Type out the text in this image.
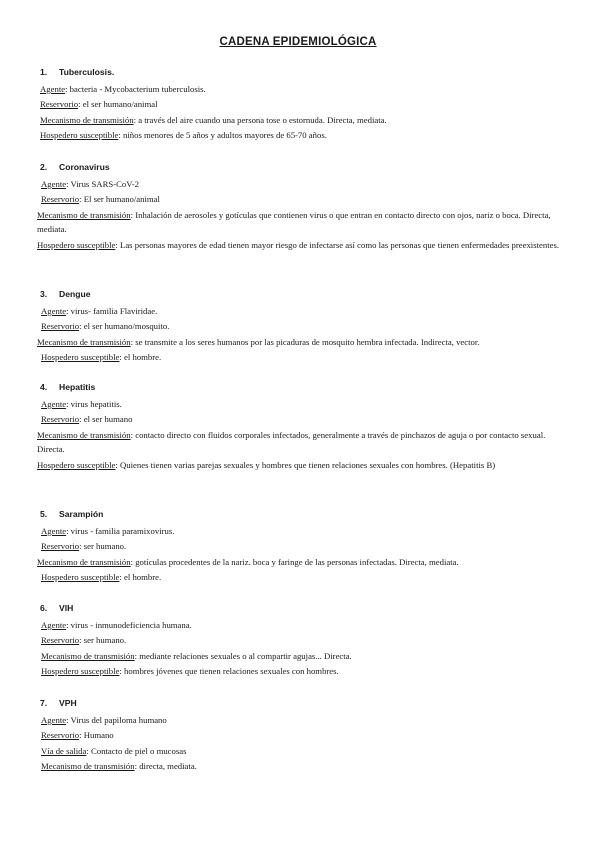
CADENA EPIDEMIOLÓGICA
1. Tuberculosis.
Agente: bacteria - Mycobacterium tuberculosis.
Reservorio: el ser humano/animal
Mecanismo de transmisión: a través del aire cuando una persona tose o estornuda. Directa, mediata.
Hospedero susceptible: niños menores de 5 años y adultos mayores de 65-70 años.
2. Coronavirus
Agente: Virus SARS-CoV-2
Reservorio: El ser humano/animal
Mecanismo de transmisión: Inhalación de aerosoles y gotículas que contienen virus o que entran en contacto directo con ojos, nariz o boca. Directa, mediata.
Hospedero susceptible: Las personas mayores de edad tienen mayor riesgo de infectarse así como las personas que tienen enfermedades preexistentes.
3. Dengue
Agente: virus- familia Flaviridae.
Reservorio: el ser humano/mosquito.
Mecanismo de transmisión: se transmite a los seres humanos por las picaduras de mosquito hembra infectada. Indirecta, vector.
Hospedero susceptible: el hombre.
4. Hepatitis
Agente: virus hepatitis.
Reservorio: el ser humano
Mecanismo de transmisión: contacto directo con fluidos corporales infectados, generalmente a través de pinchazos de aguja o por contacto sexual. Directa.
Hospedero susceptible: Quienes tienen varias parejas sexuales y hombres que tienen relaciones sexuales con hombres. (Hepatitis B)
5. Sarampión
Agente: virus - familia paramixovirus.
Reservorio: ser humano.
Mecanismo de transmisión: gotículas procedentes de la nariz. boca y faringe de las personas infectadas. Directa, mediata.
Hospedero susceptible: el hombre.
6. VIH
Agente: virus - inmunodeficiencia humana.
Reservorio: ser humano.
Mecanismo de transmisión: mediante relaciones sexuales o al compartir agujas... Directa.
Hospedero susceptible: hombres jóvenes que tienen relaciones sexuales con hombres.
7. VPH
Agente: Virus del papiloma humano
Reservorio: Humano
Vía de salida: Contacto de piel o mucosas
Mecanismo de transmisión: directa, mediata.
